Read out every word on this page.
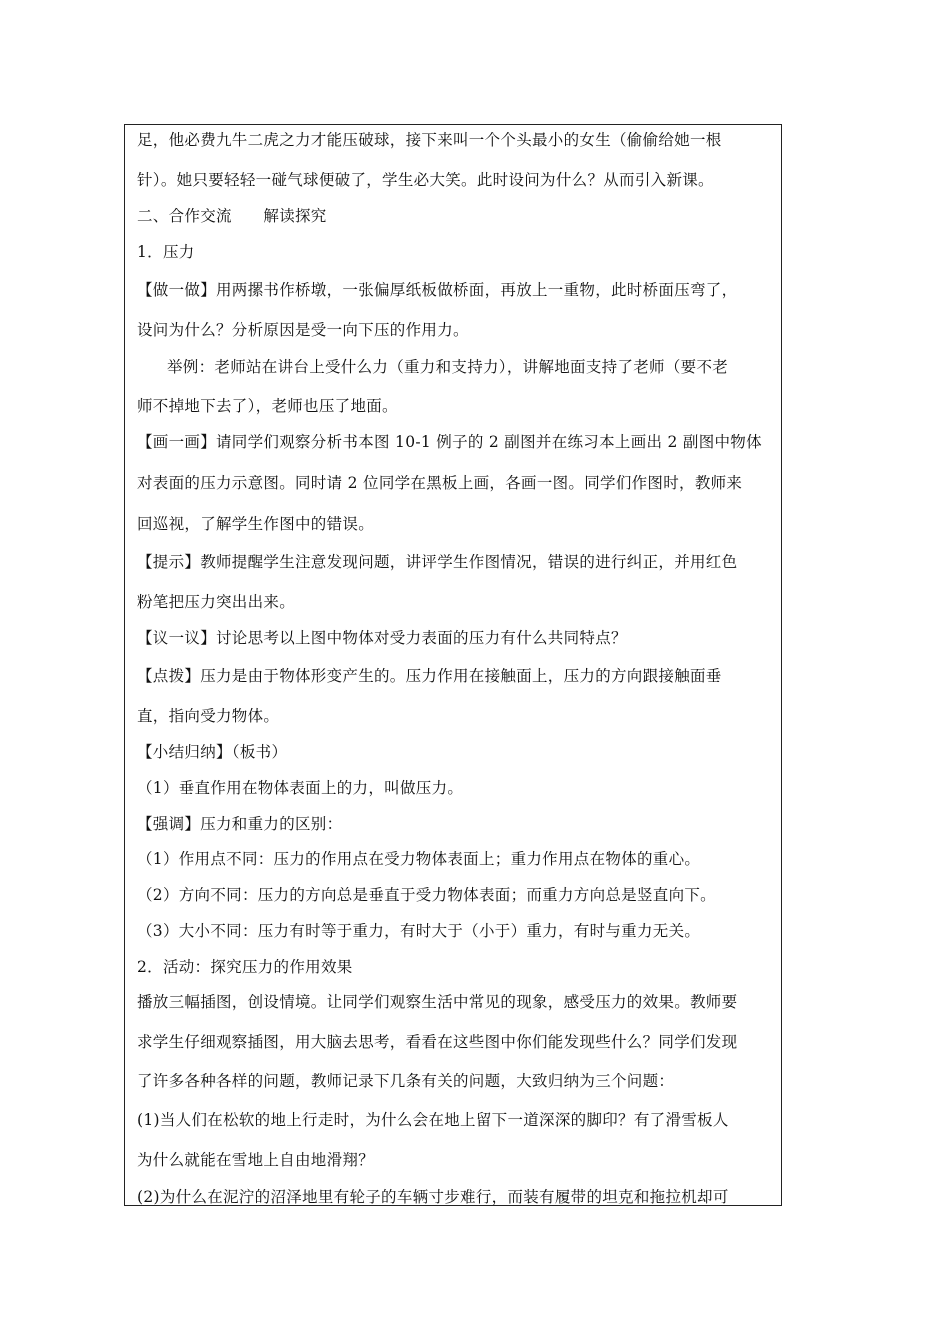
足，他必费九牛二虎之力才能压破球，接下来叫一个个头最小的女生（偷偷给她一根
针）。她只要轻轻一碰气球便破了，学生必大笑。此时设问为什么？从而引入新课。
二、合作交流　　解读探究
1．压力
【做一做】用两摞书作桥墩，一张偏厚纸板做桥面，再放上一重物，此时桥面压弯了，
设问为什么？分析原因是受一向下压的作用力。
举例：老师站在讲台上受什么力（重力和支持力），讲解地面支持了老师（要不老
师不掉地下去了），老师也压了地面。
【画一画】请同学们观察分析书本图 10-1 例子的 2 副图并在练习本上画出 2 副图中物体
对表面的压力示意图。同时请 2 位同学在黑板上画，各画一图。同学们作图时，教师来
回巡视，了解学生作图中的错误。
【提示】教师提醒学生注意发现问题，讲评学生作图情况，错误的进行纠正，并用红色
粉笔把压力突出出来。
【议一议】讨论思考以上图中物体对受力表面的压力有什么共同特点？
【点拨】压力是由于物体形变产生的。压力作用在接触面上，压力的方向跟接触面垂
直，指向受力物体。
【小结归纳】（板书）
（1）垂直作用在物体表面上的力，叫做压力。
【强调】压力和重力的区别：
（1）作用点不同：压力的作用点在受力物体表面上；重力作用点在物体的重心。
（2）方向不同：压力的方向总是垂直于受力物体表面；而重力方向总是竖直向下。
（3）大小不同：压力有时等于重力，有时大于（小于）重力，有时与重力无关。
2．活动：探究压力的作用效果
播放三幅插图，创设情境。让同学们观察生活中常见的现象，感受压力的效果。教师要
求学生仔细观察插图，用大脑去思考，看看在这些图中你们能发现些什么？同学们发现
了许多各种各样的问题，教师记录下几条有关的问题，大致归纳为三个问题：
(1)当人们在松软的地上行走时，为什么会在地上留下一道深深的脚印？有了滑雪板人
为什么就能在雪地上自由地滑翔？
(2)为什么在泥泞的沼泽地里有轮子的车辆寸步难行，而装有履带的坦克和拖拉机却可
